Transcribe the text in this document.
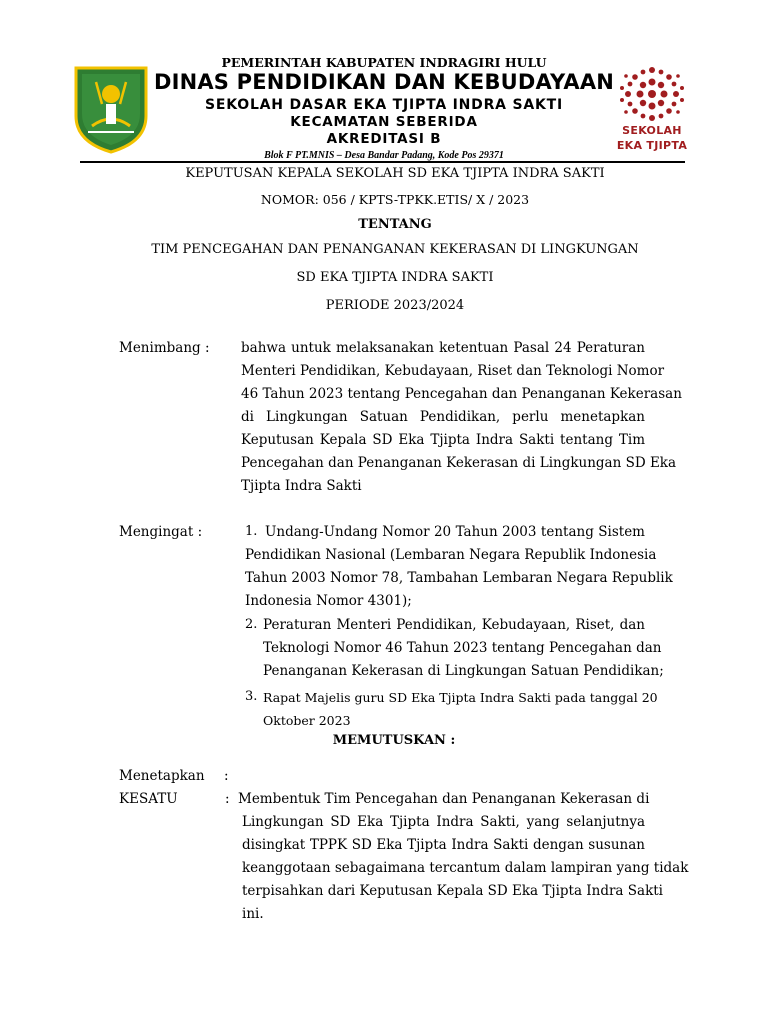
PEMERINTAH KABUPATEN INDRAGIRI HULU
DINAS PENDIDIKAN DAN KEBUDAYAAN
SEKOLAH DASAR EKA TJIPTA INDRA SAKTI
KECAMATAN SEBERIDA
AKREDITASI B
Blok F PT.MNIS – Desa Bandar Padang, Kode Pos 29371
SEKOLAH
EKA TJIPTA
KEPUTUSAN KEPALA SEKOLAH SD EKA TJIPTA INDRA SAKTI
NOMOR: 056 / KPTS-TPKK.ETIS/ X / 2023
TENTANG
TIM PENCEGAHAN DAN PENANGANAN KEKERASAN DI LINGKUNGAN
SD EKA TJIPTA INDRA SAKTI
PERIODE 2023/2024
Menimbang : bahwa untuk melaksanakan ketentuan Pasal 24 Peraturan
Menteri Pendidikan, Kebudayaan, Riset dan Teknologi Nomor
46 Tahun 2023 tentang Pencegahan dan Penanganan Kekerasan
di Lingkungan Satuan Pendidikan, perlu menetapkan
Keputusan Kepala SD Eka Tjipta Indra Sakti tentang Tim
Pencegahan dan Penanganan Kekerasan di Lingkungan SD Eka
Tjipta Indra Sakti
Mengingat :	1. Undang-Undang Nomor 20 Tahun 2003 tentang Sistem
Pendidikan Nasional (Lembaran Negara Republik Indonesia
Tahun 2003 Nomor 78, Tambahan Lembaran Negara Republik
Indonesia Nomor 4301);
2. Peraturan Menteri Pendidikan, Kebudayaan, Riset, dan
Teknologi Nomor 46 Tahun 2023 tentang Pencegahan dan
Penanganan Kekerasan di Lingkungan Satuan Pendidikan;
3. Rapat Majelis guru SD Eka Tjipta Indra Sakti pada tanggal 20
Oktober 2023
MEMUTUSKAN :
Menetapkan :
KESATU	: Membentuk Tim Pencegahan dan Penanganan Kekerasan di
Lingkungan SD Eka Tjipta Indra Sakti, yang selanjutnya
disingkat TPPK SD Eka Tjipta Indra Sakti dengan susunan
keanggotaan sebagaimana tercantum dalam lampiran yang tidak
terpisahkan dari Keputusan Kepala SD Eka Tjipta Indra Sakti
ini.
